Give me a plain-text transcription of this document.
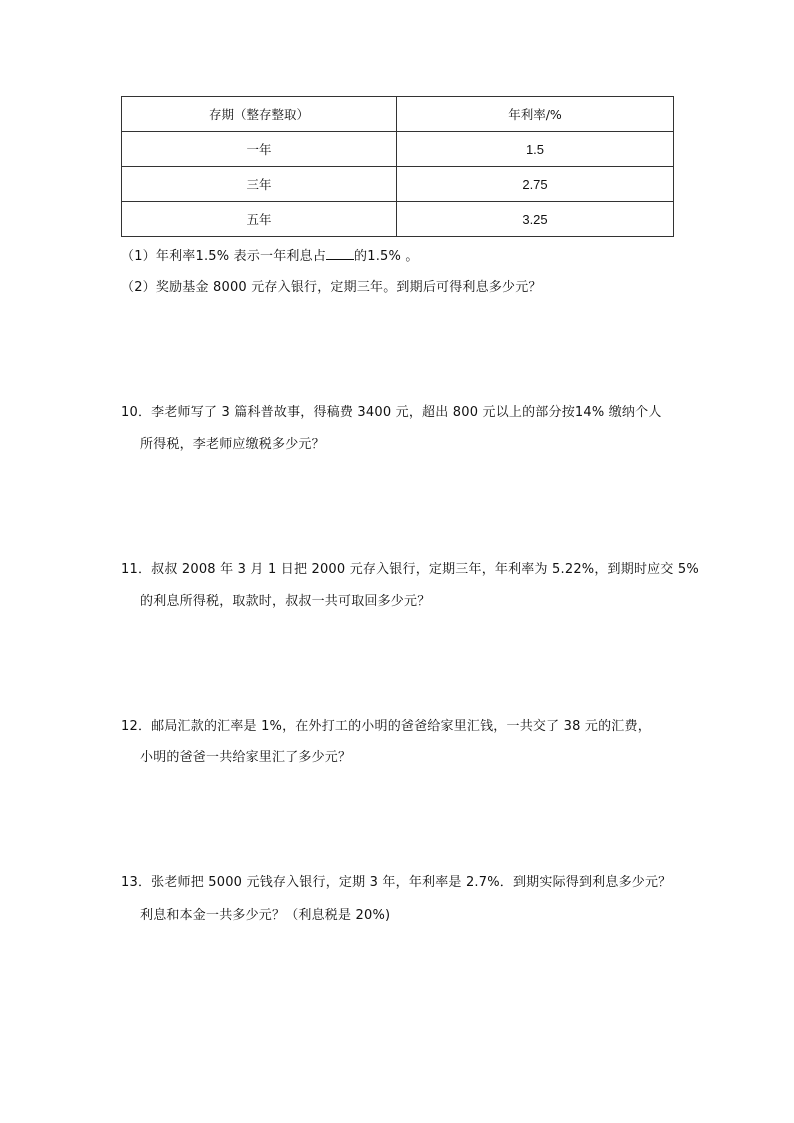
存期（整存整取）	年利率/%
一年	1.5
三年	2.75
五年	3.25
（1）年利率1.5% 表示一年利息占 的1.5% 。
（2）奖励基金 8000 元存入银行，定期三年。到期后可得利息多少元？
10．李老师写了 3 篇科普故事，得稿费 3400 元，超出 800 元以上的部分按14% 缴纳个人
所得税，李老师应缴税多少元？
11．叔叔 2008 年 3 月 1 日把 2000 元存入银行，定期三年，年利率为 5.22%，到期时应交 5%
的利息所得税，取款时，叔叔一共可取回多少元？
12．邮局汇款的汇率是 1%，在外打工的小明的爸爸给家里汇钱，一共交了 38 元的汇费，
小明的爸爸一共给家里汇了多少元？
13．张老师把 5000 元钱存入银行，定期 3 年，年利率是 2.7%．到期实际得到利息多少元？
利息和本金一共多少元？（利息税是 20%)
